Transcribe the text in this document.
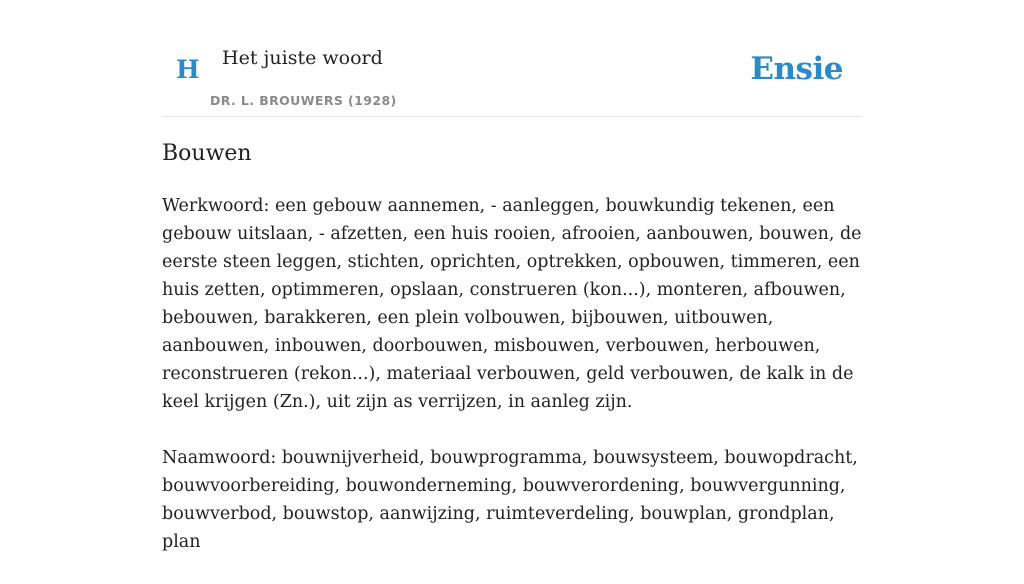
H Het juiste woord
DR. L. BROUWERS (1928)
Ensie
Bouwen

Werkwoord: een gebouw aannemen, - aanleggen, bouwkundig tekenen, een gebouw uitslaan, - afzetten, een huis rooien, afrooien, aanbouwen, bouwen, de eerste steen leggen, stichten, oprichten, optrekken, opbouwen, timmeren, een huis zetten, optimmeren, opslaan, construeren (kon...), monteren, afbouwen, bebouwen, barakkeren, een plein volbouwen, bijbouwen, uitbouwen, aanbouwen, inbouwen, doorbouwen, misbouwen, verbouwen, herbouwen, reconstrueren (rekon...), materiaal verbouwen, geld verbouwen, de kalk in de keel krijgen (Zn.), uit zijn as verrijzen, in aanleg zijn.

Naamwoord: bouwnijverheid, bouwprogramma, bouwsysteem, bouwopdracht, bouwvoorbereiding, bouwonderneming, bouwverordening, bouwvergunning, bouwverbod, bouwstop, aanwijzing, ruimteverdeling, bouwplan, grondplan, plan
